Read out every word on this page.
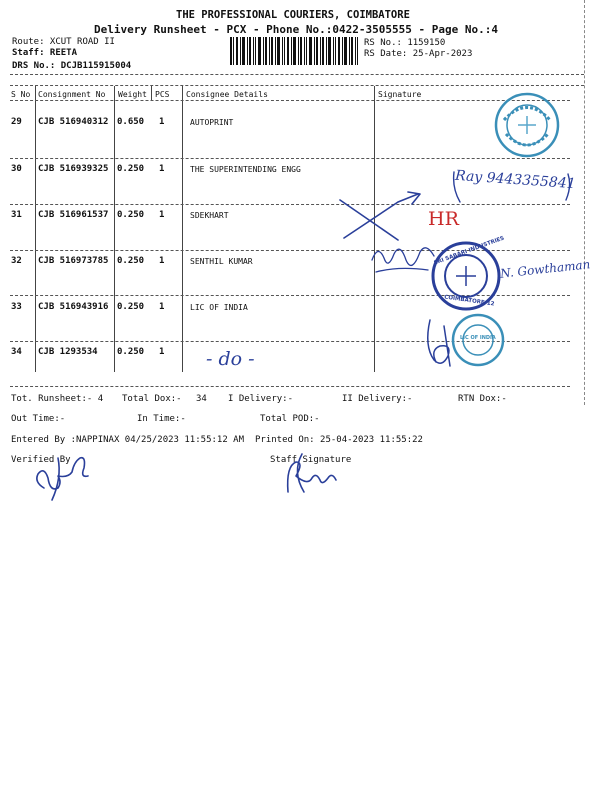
THE PROFESSIONAL COURIERS, COIMBATORE
Delivery Runsheet - PCX - Phone No.:0422-3505555 - Page No.:4
Route: XCUT ROAD II
Staff: REETA
DRS No.: DCJB115915004
RS No.: 1159150
RS Date: 25-Apr-2023
S No Consignment No Weight PCS Consignee Details	Signature
29 CJB 516940312 0.650 1	AUTOPRINT
30 CJB 516939325 0.250 1	THE SUPERINTENDING ENGG
31 CJB 516961537 0.250 1	SDEKHART
32 CJB 516973785 0.250 1	SENTHIL KUMAR
33 CJB 516943916 0.250 1	LIC OF INDIA
34 CJB 1293534 0.250 1
Ray 9443355841
HR
SRI SABARI INDUSTRIES
COIMBATORE-12
N. Gowthaman
LIC OF INDIA
- do -
Tot. Runsheet:- 4 Total Dox:- 34 I Delivery:-	II Delivery:-	RTN Dox:-
Out Time:-	In Time:-	Total POD:-
Entered By :NAPPINAX 04/25/2023 11:55:12 AM Printed On: 25-04-2023 11:55:22
Verified By	Staff Signature
